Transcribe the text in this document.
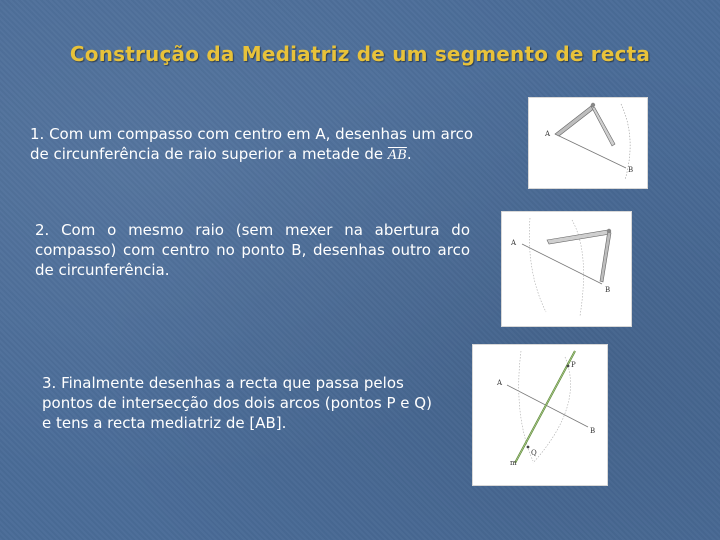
Construção da Mediatriz de um segmento de recta
1. Com um compasso com centro em A, desenhas um arco
de circunferência de raio superior a metade de $\overline{AB}$.
2. Com o mesmo raio (sem mexer na abertura do compasso) com centro no ponto B, desenhas outro arco de circunferência.
3. Finalmente desenhas a recta que passa pelos pontos de intersecção dos dois arcos (pontos P e Q) e tens a recta mediatriz de [AB].
A
B
A
B
A
B
P
Q
m
